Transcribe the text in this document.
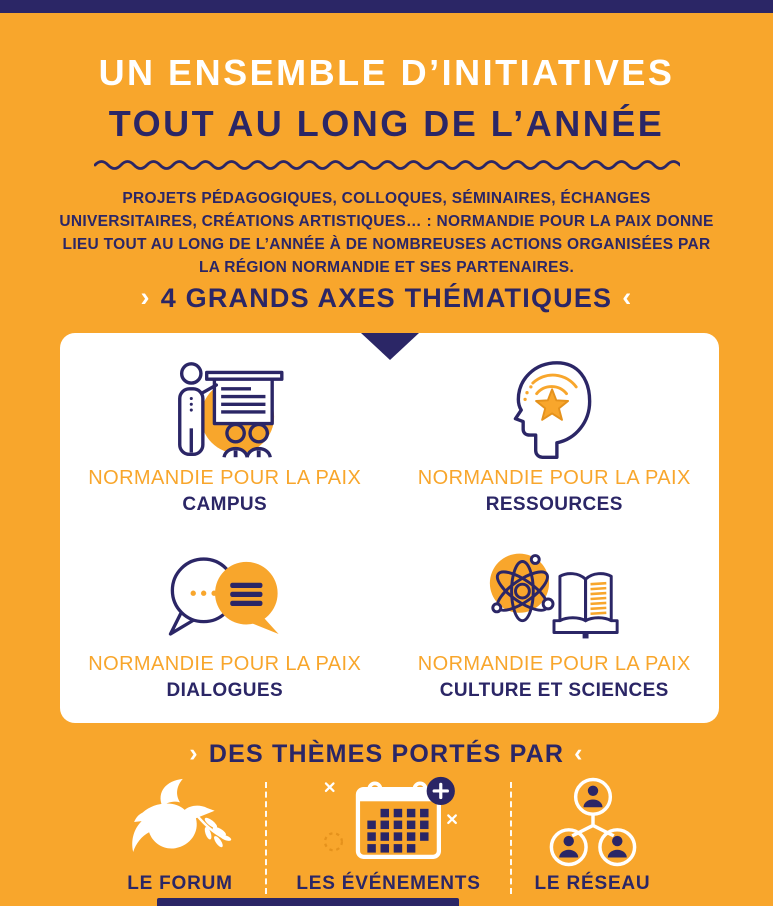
UN ENSEMBLE D’INITIATIVES
TOUT AU LONG DE L’ANNÉE

PROJETS PÉDAGOGIQUES, COLLOQUES, SÉMINAIRES, ÉCHANGES UNIVERSITAIRES, CRÉATIONS ARTISTIQUES… : NORMANDIE POUR LA PAIX DONNE LIEU TOUT AU LONG DE L’ANNÉE À DE NOMBREUSES ACTIONS ORGANISÉES PAR LA RÉGION NORMANDIE ET SES PARTENAIRES.

› 4 GRANDS AXES THÉMATIQUES ‹
NORMANDIE POUR LA PAIX
CAMPUS
NORMANDIE POUR LA PAIX
RESSOURCES
NORMANDIE POUR LA PAIX
DIALOGUES
NORMANDIE POUR LA PAIX
CULTURE ET SCIENCES
› DES THÈMES PORTÉS PAR ‹
LE FORUM	LES ÉVÉNEMENTS	LE RÉSEAU
